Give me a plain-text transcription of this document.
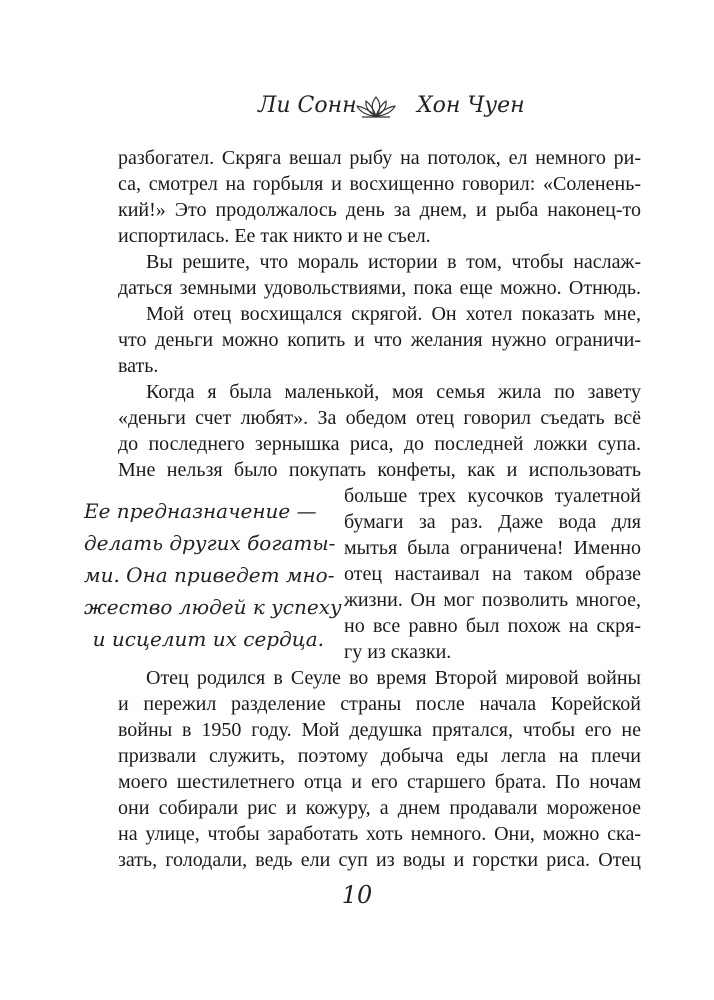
Ли Сонн	Хон Чуен
разбогател. Скряга вешал рыбу на потолок, ел немного ри-
са, смотрел на горбыля и восхищенно говорил: «Соленень-
кий!» Это продолжалось день за днем, и рыба наконец-то
испортилась. Ее так никто и не съел.
Вы решите, что мораль истории в том, чтобы наслаж-
даться земными удовольствиями, пока еще можно. Отнюдь.
Мой отец восхищался скрягой. Он хотел показать мне,
что деньги можно копить и что желания нужно ограничи-
вать.
Когда я была маленькой, моя семья жила по завету
«деньги счет любят». За обедом отец говорил съедать всё
до последнего зернышка риса, до последней ложки супа.
Мне нельзя было покупать конфеты, как и использовать
больше трех кусочков туалетной
бумаги за раз. Даже вода для
мытья была ограничена! Именно
отец настаивал на таком образе
жизни. Он мог позволить многое,
но все равно был похож на скря-
гу из сказки.
Отец родился в Сеуле во время Второй мировой войны
и пережил разделение страны после начала Корейской
войны в 1950 году. Мой дедушка прятался, чтобы его не
призвали служить, поэтому добыча еды легла на плечи
моего шестилетнего отца и его старшего брата. По ночам
они собирали рис и кожуру, а днем продавали мороженое
на улице, чтобы заработать хоть немного. Они, можно ска-
зать, голодали, ведь ели суп из воды и горстки риса. Отец
Ее предназначение —
делать других богаты-
ми. Она приведет мно-
жество людей к успеху
и исцелит их сердца.
10
